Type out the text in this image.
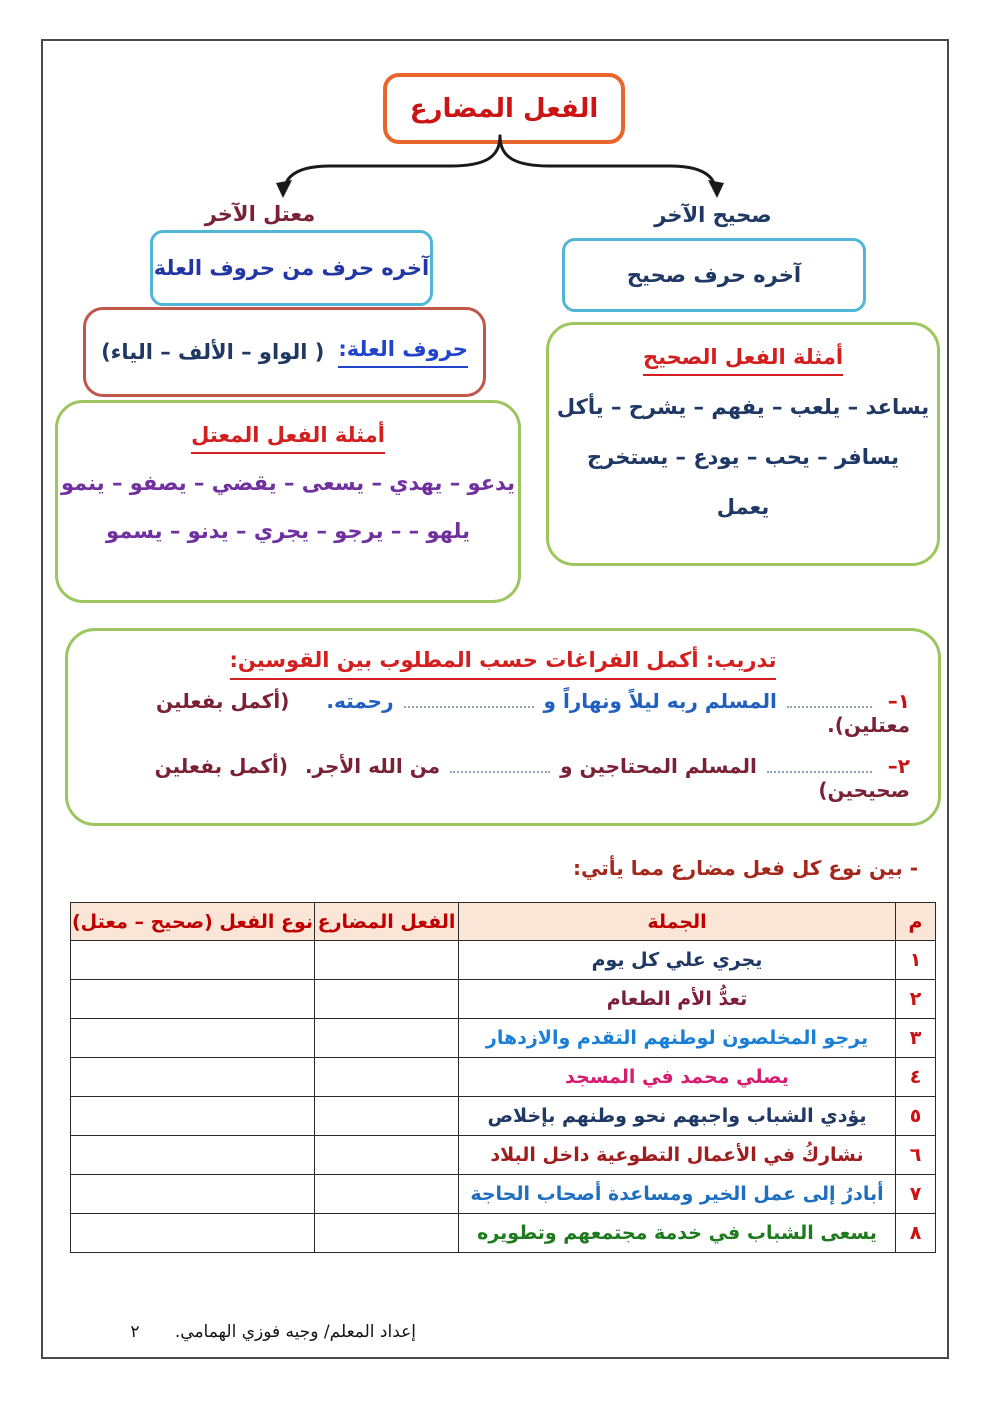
الفعل المضارع
صحيح الآخر
معتل الآخر
آخره حرف صحيح
آخره حرف من حروف العلة
حروف العلة:
( الواو – الألف – الياء)	أمثلة الفعل الصحيح
يساعد – يلعب – يفهم – يشرح – يأكل
يسافر – يحب – يودع – يستخرج
يعمل
أمثلة الفعل المعتل
يدعو – يهدي – يسعى – يقضي – يصفو – ينمو
يلهو – – يرجو – يجري – يدنو – يسمو
تدريب: أكمل الفراغات حسب المطلوب بين القوسين:
١–  المسلم ربه ليلاً ونهاراً و  رحمته. (أكمل بفعلين معتلين).
٢–  المسلم المحتاجين و  من الله الأجر. (أكمل بفعلين صحيحين)
- بين نوع كل فعل مضارع مما يأتي:
م	الجملة	الفعل المضارع	نوع الفعل (صحيح – معتل)
١	يجري علي كل يوم		
٢	تعدُّ الأم الطعام		
٣	يرجو المخلصون لوطنهم التقدم والازدهار		
٤	يصلي محمد في المسجد		
٥	يؤدي الشباب واجبهم نحو وطنهم بإخلاص		
٦	نشاركُ في الأعمال التطوعية داخل البلاد		
٧	أبادرُ إلى عمل الخير ومساعدة أصحاب الحاجة		
٨	يسعى الشباب في خدمة مجتمعهم وتطويره		
إعداد المعلم/ وجيه فوزي الهمامي. ٢
